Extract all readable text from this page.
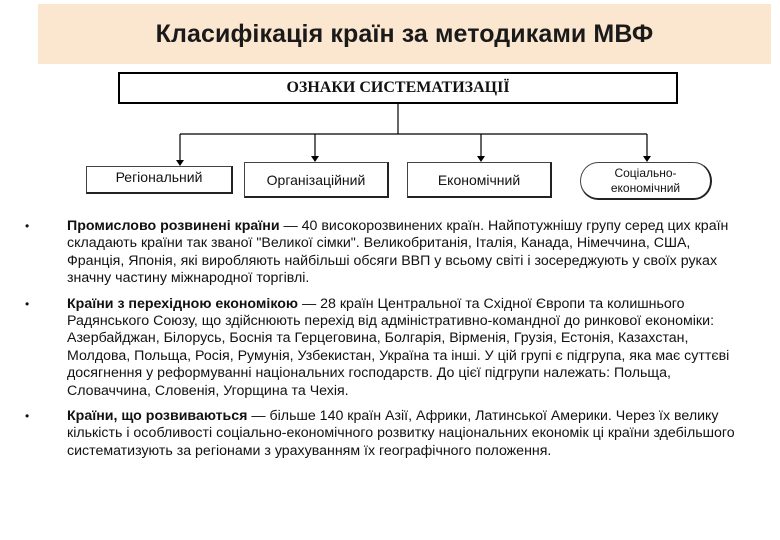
Класифікація країн за методиками МВФ
ОЗНАКИ СИСТЕМАТИЗАЦІЇ
Регіональний	Організаційний	Економічний	Соціально-
економічний
•	Промислово розвинені країни — 40 високорозвинених країн. Найпотужнішу групу серед цих країн складають країни так званої "Великої сімки". Великобританія, Італія, Канада, Німеччина, США, Франція, Японія, які виробляють найбільші обсяги ВВП у всьому світі і зосереджують у своїх руках значну частину міжнародної торгівлі.
•	Країни з перехідною економікою — 28 країн Центральної та Східної Європи та колишнього Радянського Союзу, що здійснюють перехід від адміністративно-командної до ринкової економіки: Азербайджан, Білорусь, Боснія та Герцеговина, Болгарія, Вірменія, Грузія, Естонія, Казахстан, Молдова, Польща, Росія, Румунія, Узбекистан, Україна та інші. У цій групі є підгрупа, яка має суттєві досягнення у реформуванні національних господарств. До цієї підгрупи належать: Польща, Словаччина, Словенія, Угорщина та Чехія.
•	Країни, що розвиваються — більше 140 країн Азії, Африки, Латинської Америки. Через їх велику кількість і особливості соціально-економічного розвитку національних економік ці країни здебільшого систематизують за регіонами з урахуванням їх географічного положення.
